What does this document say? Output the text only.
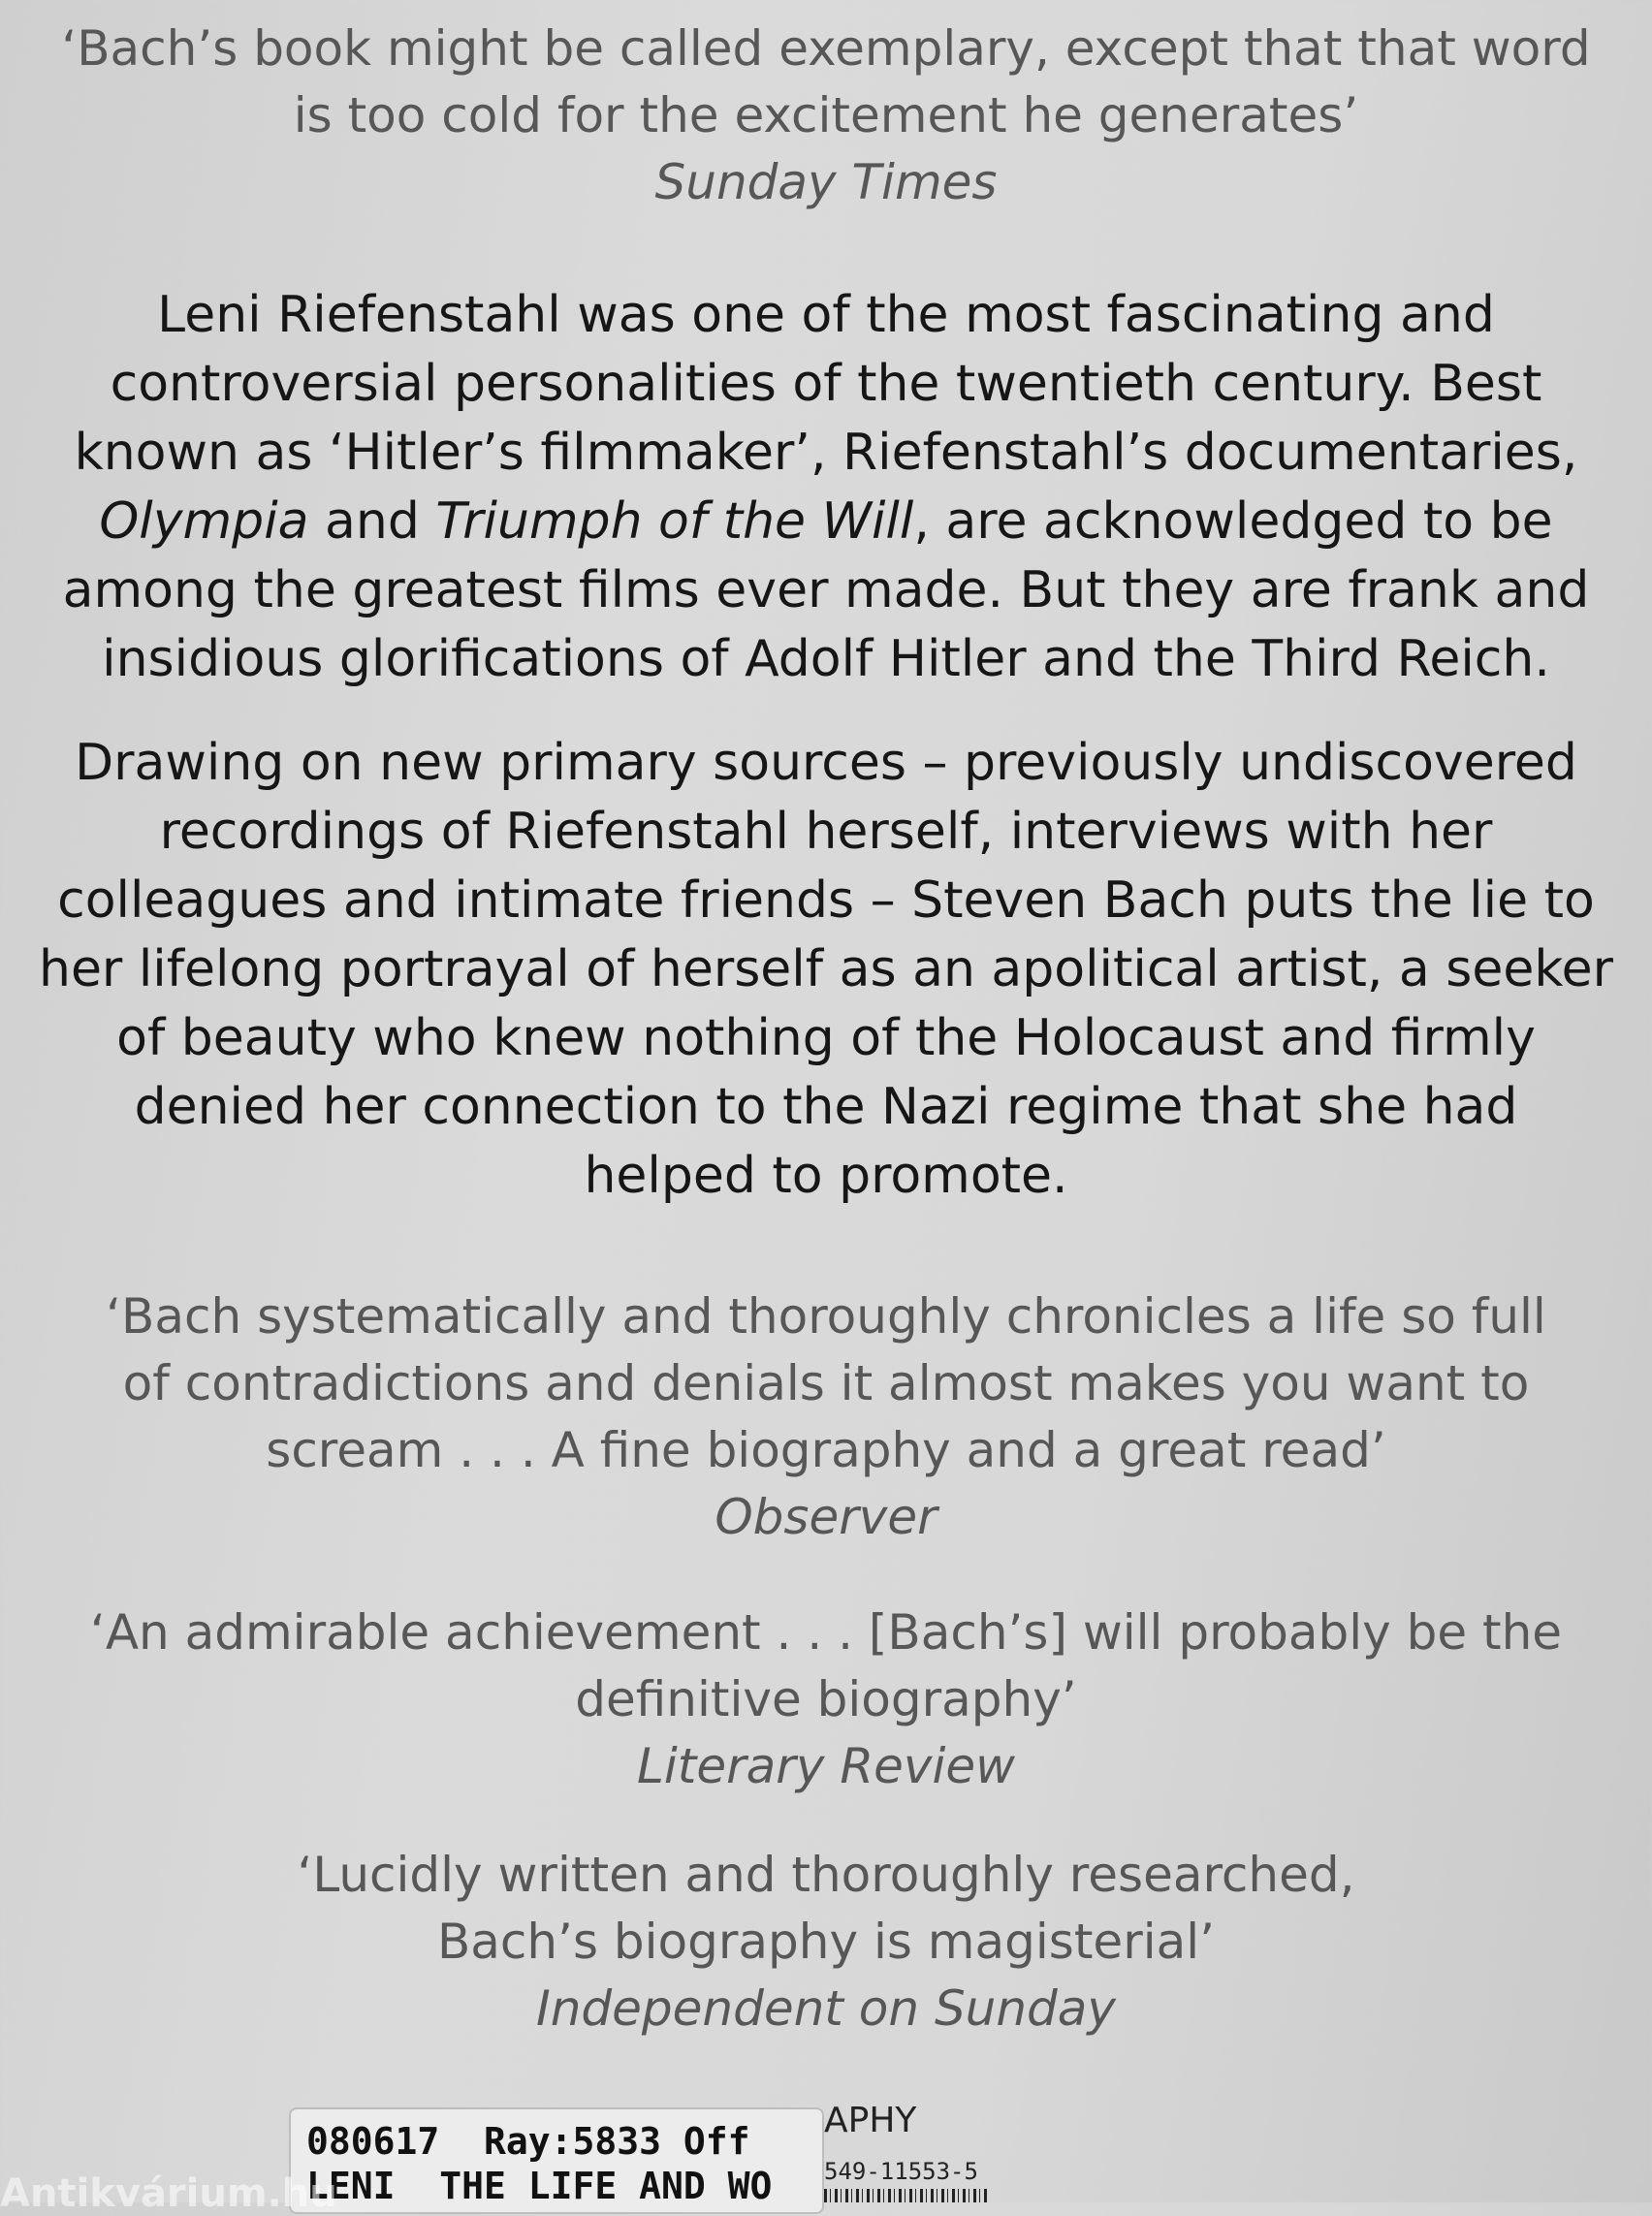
‘Bach’s book might be called exemplary, except that that word
is too cold for the excitement he generates’
Sunday Times
Leni Riefenstahl was one of the most fascinating and
controversial personalities of the twentieth century. Best
known as ‘Hitler’s filmmaker’, Riefenstahl’s documentaries,
Olympia and Triumph of the Will, are acknowledged to be
among the greatest films ever made. But they are frank and
insidious glorifications of Adolf Hitler and the Third Reich.
Drawing on new primary sources – previously undiscovered
recordings of Riefenstahl herself, interviews with her
colleagues and intimate friends – Steven Bach puts the lie to
her lifelong portrayal of herself as an apolitical artist, a seeker
of beauty who knew nothing of the Holocaust and firmly
denied her connection to the Nazi regime that she had
helped to promote.
‘Bach systematically and thoroughly chronicles a life so full
of contradictions and denials it almost makes you want to
scream . . . A fine biography and a great read’
Observer
‘An admirable achievement . . . [Bach’s] will probably be the
definitive biography’
Literary Review
‘Lucidly written and thoroughly researched,
Bach’s biography is magisterial’
Independent on Sunday
APHY
549-11553-5
080617  Ray:5833 Off
LENI  THE LIFE AND WO
Antikvárium.hu
